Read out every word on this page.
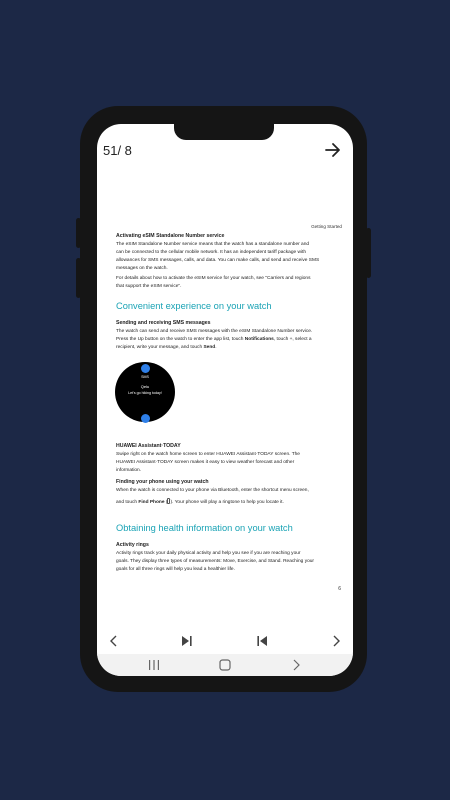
51/ 8
Getting Started
Activating eSIM Standalone Number service
The eSIM Standalone Number service means that the watch has a standalone number and
can be connected to the cellular mobile network. It has an independent tariff package with
allowances for SMS messages, calls, and data. You can make calls, and send and receive SMS
messages on the watch.
For details about how to activate the eSIM service for your watch, see "Carriers and regions
that support the eSIM service".
Convenient experience on your watch
Sending and receiving SMS messages
The watch can send and receive SMS messages with the eSIM Standalone Number service.
Press the Up button on the watch to enter the app list, touch Notifications, touch +, select a
recipient, write your message, and touch Send.
SMS
Qelu
Let's go hiking today!
HUAWEI Assistant·TODAY
Swipe right on the watch home screen to enter HUAWEI Assistant·TODAY screen. The
HUAWEI Assistant·TODAY screen makes it easy to view weather forecast and other
information.
Finding your phone using your watch
When the watch is connected to your phone via Bluetooth, enter the shortcut menu screen,
and touch Find Phone ( ). Your phone will play a ringtone to help you locate it.
Obtaining health information on your watch
Activity rings
Activity rings track your daily physical activity and help you see if you are reaching your
goals. They display three types of measurements: Move, Exercise, and Stand. Reaching your
goals for all three rings will help you lead a healthier life.
6
